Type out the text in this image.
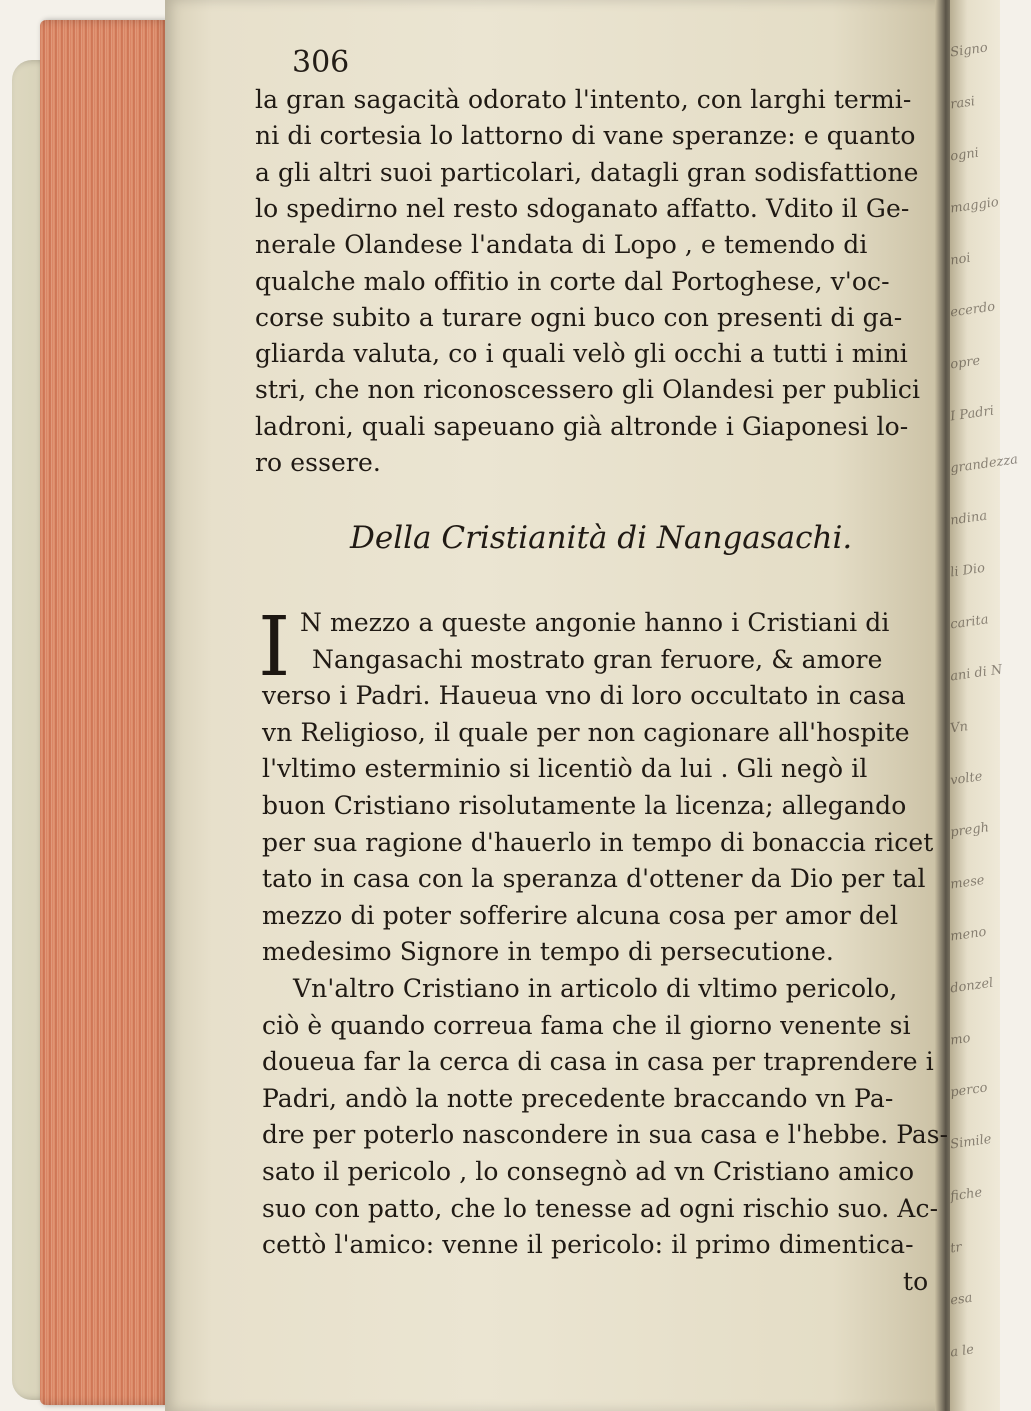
Signo
rasi
ogni
maggio
noi
ecerdo
opre
I Padri
grandezza
ndina
li Dio
carita
ani di N
Vn
volte
pregh
mese
meno
donzel
mo
perco
Simile
fiche
tr
esa
a le
306
la gran sagacità odorato l'intento, con larghi termi-
ni di cortesia lo lattorno di vane speranze: e quanto
a gli altri suoi particolari, datagli gran sodisfattione
lo spedirno nel resto sdoganato affatto. Vdito il Ge-
nerale Olandese l'andata di Lopo , e temendo di
qualche malo offitio in corte dal Portoghese, v'oc-
corse subito a turare ogni buco con presenti di ga-
gliarda valuta, co i quali velò gli occhi a tutti i mini
stri, che non riconoscessero gli Olandesi per publici
ladroni, quali sapeuano già altronde i Giaponesi lo-
ro essere.
Della Cristianità di Nangasachi.
I N mezzo a queste angonie hanno i Cristiani di
Nangasachi mostrato gran feruore, & amore
verso i Padri. Haueua vno di loro occultato in casa
vn Religioso, il quale per non cagionare all'hospite
l'vltimo esterminio si licentiò da lui . Gli negò il
buon Cristiano risolutamente la licenza; allegando
per sua ragione d'hauerlo in tempo di bonaccia ricet
tato in casa con la speranza d'ottener da Dio per tal
mezzo di poter sofferire alcuna cosa per amor del
medesimo Signore in tempo di persecutione.
Vn'altro Cristiano in articolo di vltimo pericolo,
ciò è quando correua fama che il giorno venente si
doueua far la cerca di casa in casa per traprendere i
Padri, andò la notte precedente braccando vn Pa-
dre per poterlo nascondere in sua casa e l'hebbe. Pas-
sato il pericolo , lo consegnò ad vn Cristiano amico
suo con patto, che lo tenesse ad ogni rischio suo. Ac-
cettò l'amico: venne il pericolo: il primo dimentica-
to
